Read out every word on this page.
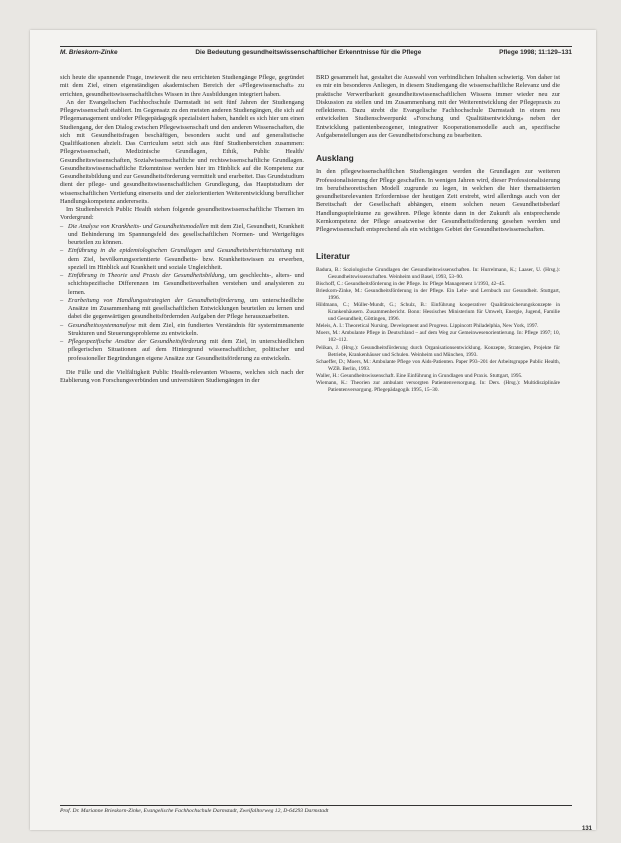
M. Brieskorn-Zinke	Die Bedeutung gesundheitswissenschaftlicher Erkenntnisse für die Pflege	Pflege 1998; 11:129–131

sich heute die spannende Frage, inwieweit die neu errichteten Studiengänge Pflege, gegründet mit dem Ziel, einen eigenständigen akademischen Bereich der «Pflegewissenschaft» zu errichten, gesundheitswissenschaftliches Wissen in ihre Ausbildungen integriert haben.

An der Evangelischen Fachhochschule Darmstadt ist seit fünf Jahren der Studiengang Pflegewissenschaft etabliert. Im Gegensatz zu den meisten anderen Studiengängen, die sich auf Pflegemanagement und/oder Pflegepädagogik spezialisiert haben, handelt es sich hier um einen Studiengang, der den Dialog zwischen Pflegewissenschaft und den anderen Wissenschaften, die sich mit Gesundheitsfragen beschäftigen, besonders sucht und auf generalistische Qualifikationen abzielt. Das Curriculum setzt sich aus fünf Studienbereichen zusammen: Pflegewissenschaft, Medizinische Grundlagen, Ethik, Public Health/ Gesundheitswissenschaften, Sozialwissenschaftliche und rechtswissenschaftliche Grundlagen. Gesundheitswissenschaftliche Erkenntnisse werden hier im Hinblick auf die Kompetenz zur Gesundheitsbildung und zur Gesundheitsförderung vermittelt und erarbeitet. Das Grundstudium dient der pflege- und gesundheitswissenschaftlichen Grundlegung, das Hauptstudium der wissenschaftlichen Vertiefung einerseits und der zielorientierten Weiterentwicklung beruflicher Handlungskompetenz andererseits.

Im Studienbereich Public Health stehen folgende gesundheitswissenschaftliche Themen im Vordergrund:

– Die Analyse von Krankheits- und Gesundheitsmodellen mit dem Ziel, Gesundheit, Krankheit und Behinderung im Spannungsfeld des gesellschaftlichen Normen- und Wertgefüges beurteilen zu können.
– Einführung in die epidemiologischen Grundlagen und Gesundheitsberichterstattung mit dem Ziel, bevölkerungsorientierte Gesundheits- bzw. Krankheitswissen zu erwerben, speziell im Hinblick auf Krankheit und soziale Ungleichheit.
– Einführung in Theorie und Praxis der Gesundheitsbildung, um geschlechts-, alters- und schichtspezifische Differenzen im Gesundheitsverhalten verstehen und analysieren zu lernen.
– Erarbeitung von Handlungsstrategien der Gesundheitsförderung, um unterschiedliche Ansätze im Zusammenhang mit gesellschaftlichen Entwicklungen beurteilen zu lernen und dabei die gegenwärtigen gesundheitsfördernden Aufgaben der Pflege herauszuarbeiten.
– Gesundheitssystemanalyse mit dem Ziel, ein fundiertes Verständnis für systemimmanente Strukturen und Steuerungsprobleme zu entwickeln.
– Pflegespezifische Ansätze der Gesundheitsförderung mit dem Ziel, in unterschiedlichen pflegerischen Situationen auf dem Hintergrund wissenschaftlicher, politischer und professioneller Begründungen eigene Ansätze zur Gesundheitsförderung zu entwickeln.

Die Fülle und die Vielfältigkeit Public Health-relevanten Wissens, welches sich nach der Etablierung von Forschungsverbünden und universitären Studiengängen in der

BRD gesammelt hat, gestaltet die Auswahl von verbindlichen Inhalten schwierig. Von daher ist es mir ein besonderes Anliegen, in diesem Studiengang die wissenschaftliche Relevanz und die praktische Verwertbarkeit gesundheitswissenschaftlichen Wissens immer wieder neu zur Diskussion zu stellen und im Zusammenhang mit der Weiterentwicklung der Pflegepraxis zu reflektieren. Dazu strebt die Evangelische Fachhochschule Darmstadt in einem neu entwickelten Studienschwerpunkt «Forschung und Qualitätsentwicklung» neben der Entwicklung patientenbezogener, integrativer Kooperationsmodelle auch an, spezifische Aufgabenstellungen aus der Gesundheitsforschung zu bearbeiten.

Ausklang

In den pflegewissenschaftlichen Studiengängen werden die Grundlagen zur weiteren Professionalisierung der Pflege geschaffen. In wenigen Jahren wird, dieser Professionalisierung im berufstheoretischen Modell zugrunde zu legen, in welchen die hier thematisierten gesundheitsrelevanten Erfordernisse der heutigen Zeit erstrebt, wird allerdings auch von der Bereitschaft der Gesellschaft abhängen, einem solchen neuen Gesundheitsbedarf Handlungsspielräume zu gewähren. Pflege könnte dann in der Zukunft als entsprechende Kernkompetenz der Pflege ansatzweise der Gesundheitsförderung gesehen werden und Pflegewissenschaft entsprechend als ein wichtiges Gebiet der Gesundheitswissenschaften.

Literatur

Badura, B.: Soziologische Grundlagen der Gesundheitswissenschaften. In: Hurrelmann, K.; Laaser, U. (Hrsg.): Gesundheitswissenschaften. Weinheim und Basel, 1993, 53–90.

Bischoff, C.: Gesundheitsförderung in der Pflege. In: Pflege Management 1/1993, 42–45.

Brieskorn-Zinke, M.: Gesundheitsförderung in der Pflege. Ein Lehr- und Lernbuch zur Gesundheit. Stuttgart, 1996.

Hildmann, C.; Müller-Mundt, G.; Schulz, B.: Einführung kooperativer Qualitätssicherungskonzepte in Krankenhäusern. Zusammenbericht. Bonn: Hessisches Ministerium für Umwelt, Energie, Jugend, Familie und Gesundheit, Göttingen, 1996.

Meleis, A. I.: Theoretical Nursing. Development and Progress. Lippincott Philadelphia, New York, 1997.

Moers, M.: Ambulante Pflege in Deutschland – auf dem Weg zur Gemeinwesenorientierung. In: Pflege 1997; 10, 102–112.

Pelikan, J. (Hrsg.): Gesundheitsförderung durch Organisationsentwicklung. Konzepte, Strategien, Projekte für Betriebe, Krankenhäuser und Schulen. Weinheim und München, 1993.

Schaeffer, D.; Moers, M.: Ambulante Pflege von Aids-Patienten. Paper P93–201 der Arbeitsgruppe Public Health, WZB. Berlin, 1993.

Waller, H.: Gesundheitswissenschaft. Eine Einführung in Grundlagen und Praxis. Stuttgart, 1995.

Wiemann, K.: Theorien zur ambulant versorgten Patientenversorgung. In: Ders. (Hrsg.): Multidisziplinäre Patientenversorgung. Pflegepädagogik 1995, 15–30.

Prof. Dr. Marianne Brieskorn-Zinke, Evangelische Fachhochschule Darmstadt, Zweifalltorweg 12, D-64293 Darmstadt
131
